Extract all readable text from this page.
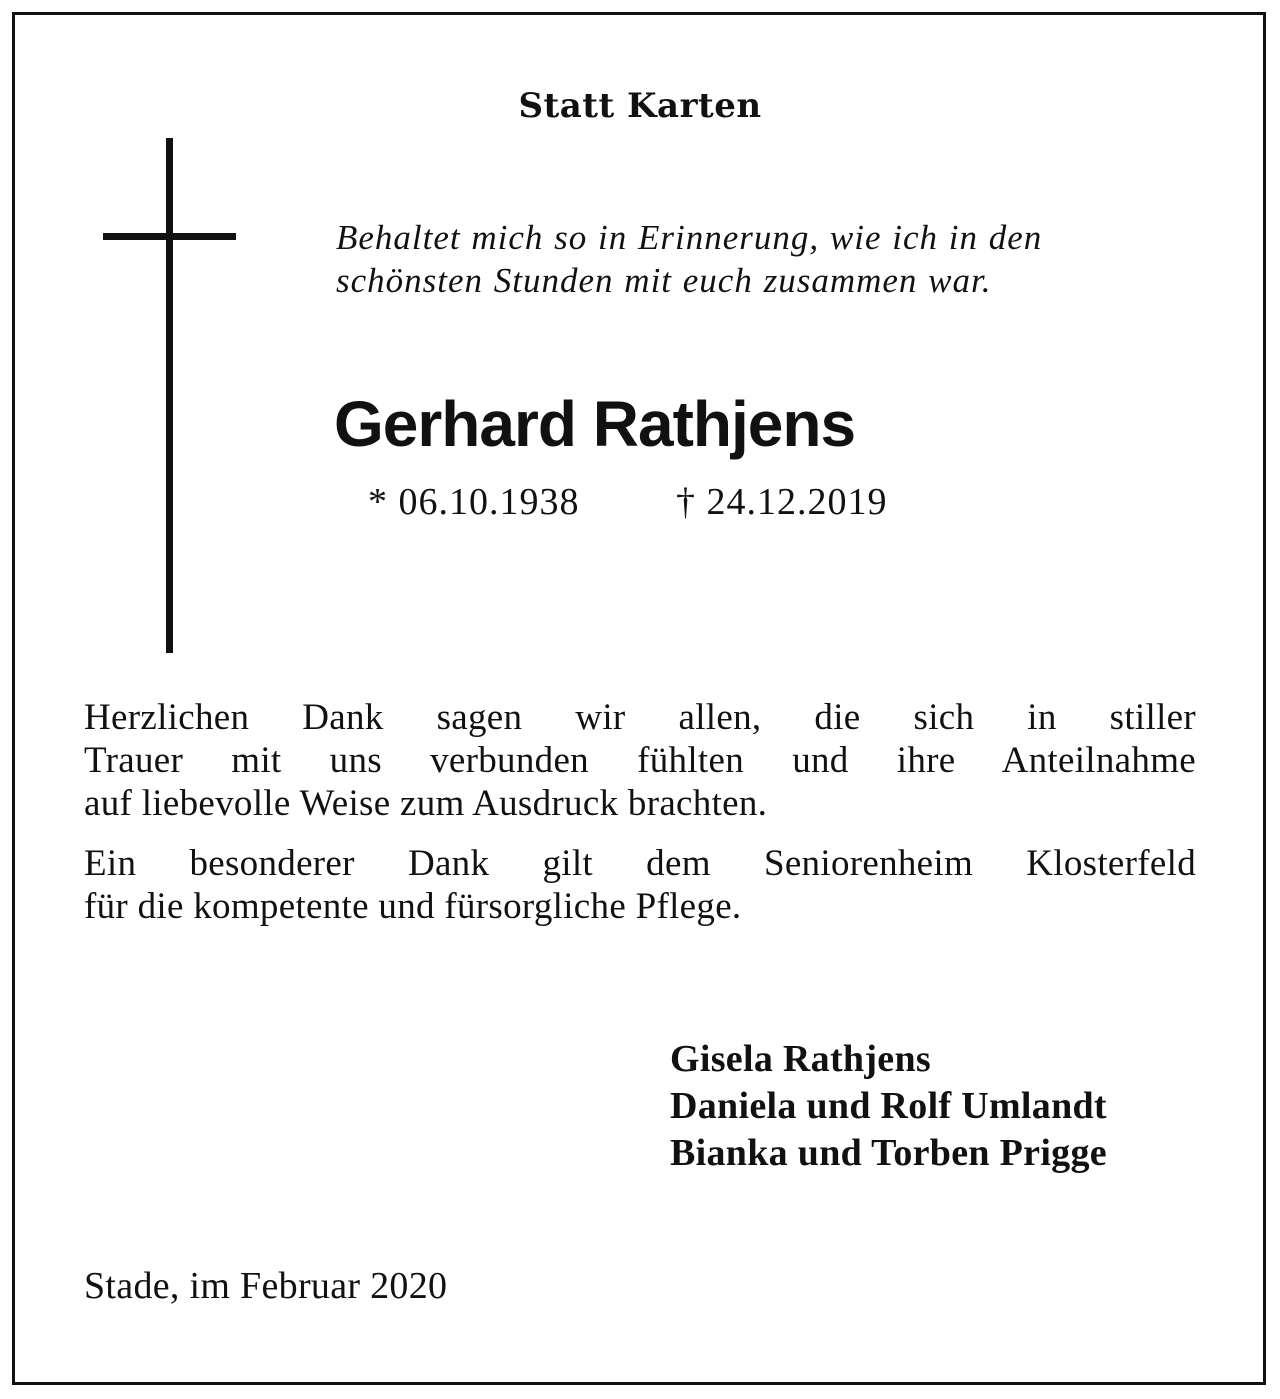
Statt Karten
Behaltet mich so in Erinnerung, wie ich in den
schönsten Stunden mit euch zusammen war.
Gerhard Rathjens
* 06.10.1938	† 24.12.2019
Herzlichen Dank sagen wir allen, die sich in stiller
Trauer mit uns verbunden fühlten und ihre Anteilnahme
auf liebevolle Weise zum Ausdruck brachten.
Ein besonderer Dank gilt dem Seniorenheim Klosterfeld
für die kompetente und fürsorgliche Pflege.
Gisela Rathjens
Daniela und Rolf Umlandt
Bianka und Torben Prigge
Stade, im Februar 2020
